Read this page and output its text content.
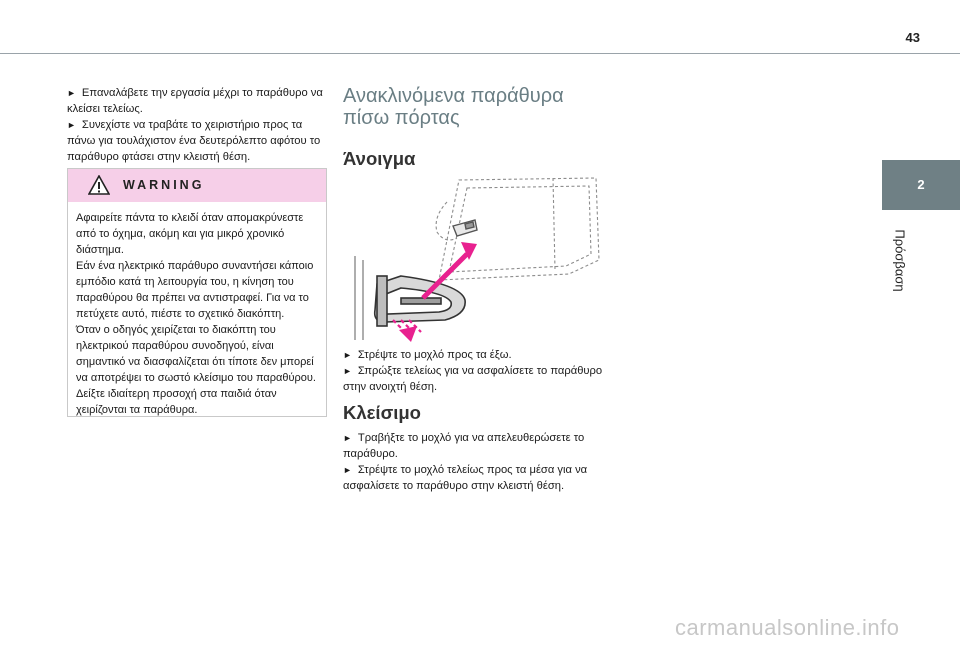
43
2
Πρόσβαση

► Επαναλάβετε την εργασία μέχρι το παράθυρο να κλείσει τελείως.

► Συνεχίστε να τραβάτε το χειριστήριο προς τα πάνω για τουλάχιστον ένα δευτερόλεπτο αφότου το παράθυρο φτάσει στην κλειστή θέση.

WARNING
Αφαιρείτε πάντα το κλειδί όταν απομακρύνεστε
από το όχημα, ακόμη και για μικρό χρονικό
διάστημα.
Εάν ένα ηλεκτρικό παράθυρο συναντήσει κάποιο
εμπόδιο κατά τη λειτουργία του, η κίνηση του
παραθύρου θα πρέπει να αντιστραφεί. Για να το
πετύχετε αυτό, πιέστε το σχετικό διακόπτη.
Όταν ο οδηγός χειρίζεται το διακόπτη του
ηλεκτρικού παραθύρου συνοδηγού, είναι
σημαντικό να διασφαλίζεται ότι τίποτε δεν μπορεί
να αποτρέψει το σωστό κλείσιμο του παραθύρου.
Δείξτε ιδιαίτερη προσοχή στα παιδιά όταν
χειρίζονται τα παράθυρα.
Ανακλινόμενα παράθυρα
πίσω πόρτας
Άνοιγμα

► Στρέψτε το μοχλό προς τα έξω.

► Σπρώξτε τελείως για να ασφαλίσετε το παράθυρο στην ανοιχτή θέση.

Κλείσιμο

► Τραβήξτε το μοχλό για να απελευθερώσετε το παράθυρο.

► Στρέψτε το μοχλό τελείως προς τα μέσα για να ασφαλίσετε το παράθυρο στην κλειστή θέση.

carmanualsonline.info
